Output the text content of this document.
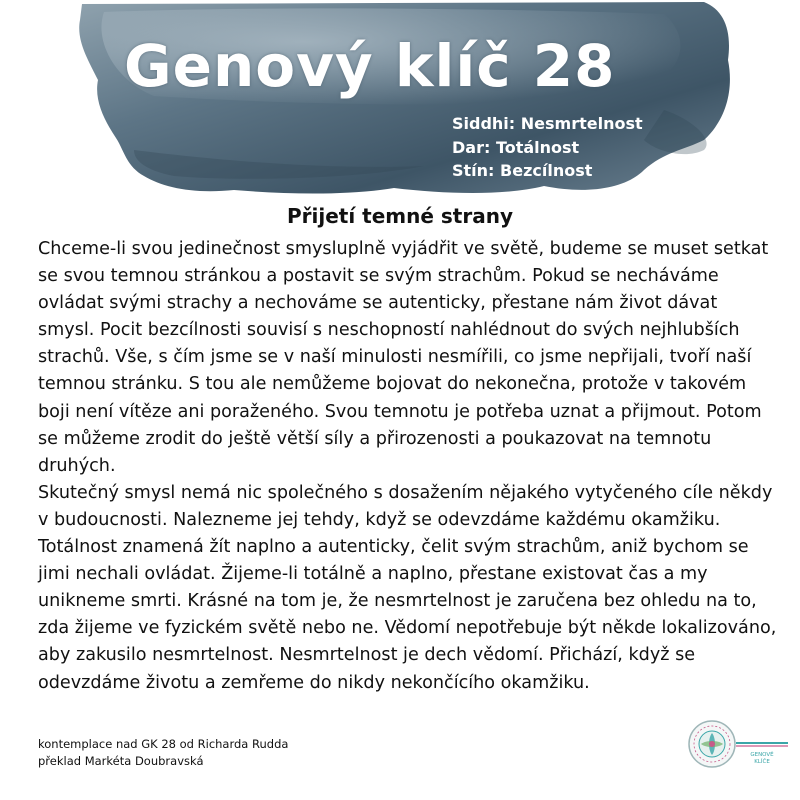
Genový klíč 28
Siddhi: Nesmrtelnost
Dar: Totálnost
Stín: Bezcílnost
Přijetí temné strany

Chceme-li svou jedinečnost smysluplně vyjádřit ve světě, budeme se muset setkat se svou temnou stránkou a postavit se svým strachům. Pokud se necháváme ovládat svými strachy a nechováme se autenticky, přestane nám život dávat smysl. Pocit bezcílnosti souvisí s neschopností nahlédnout do svých nejhlubších strachů. Vše, s čím jsme se v naší minulosti nesmířili, co jsme nepřijali, tvoří naší temnou stránku. S tou ale nemůžeme bojovat do nekonečna, protože v takovém boji není vítěze ani poraženého. Svou temnotu je potřeba uznat a přijmout. Potom se můžeme zrodit do ještě větší síly a přirozenosti a poukazovat na temnotu druhých.

Skutečný smysl nemá nic společného s dosažením nějakého vytyčeného cíle někdy v budoucnosti. Nalezneme jej tehdy, když se odevzdáme každému okamžiku. Totálnost znamená žít naplno a autenticky, čelit svým strachům, aniž bychom se jimi nechali ovládat. Žijeme-li totálně a naplno, přestane existovat čas a my unikneme smrti. Krásné na tom je, že nesmrtelnost je zaručena bez ohledu na to, zda žijeme ve fyzickém světě nebo ne. Vědomí nepotřebuje být někde lokalizováno, aby zakusilo nesmrtelnost. Nesmrtelnost je dech vědomí. Přichází, když se odevzdáme životu a zemřeme do nikdy nekončícího okamžiku.

kontemplace nad GK 28 od Richarda Rudda
překlad Markéta Doubravská	GENOVÉ
KLÍČE
